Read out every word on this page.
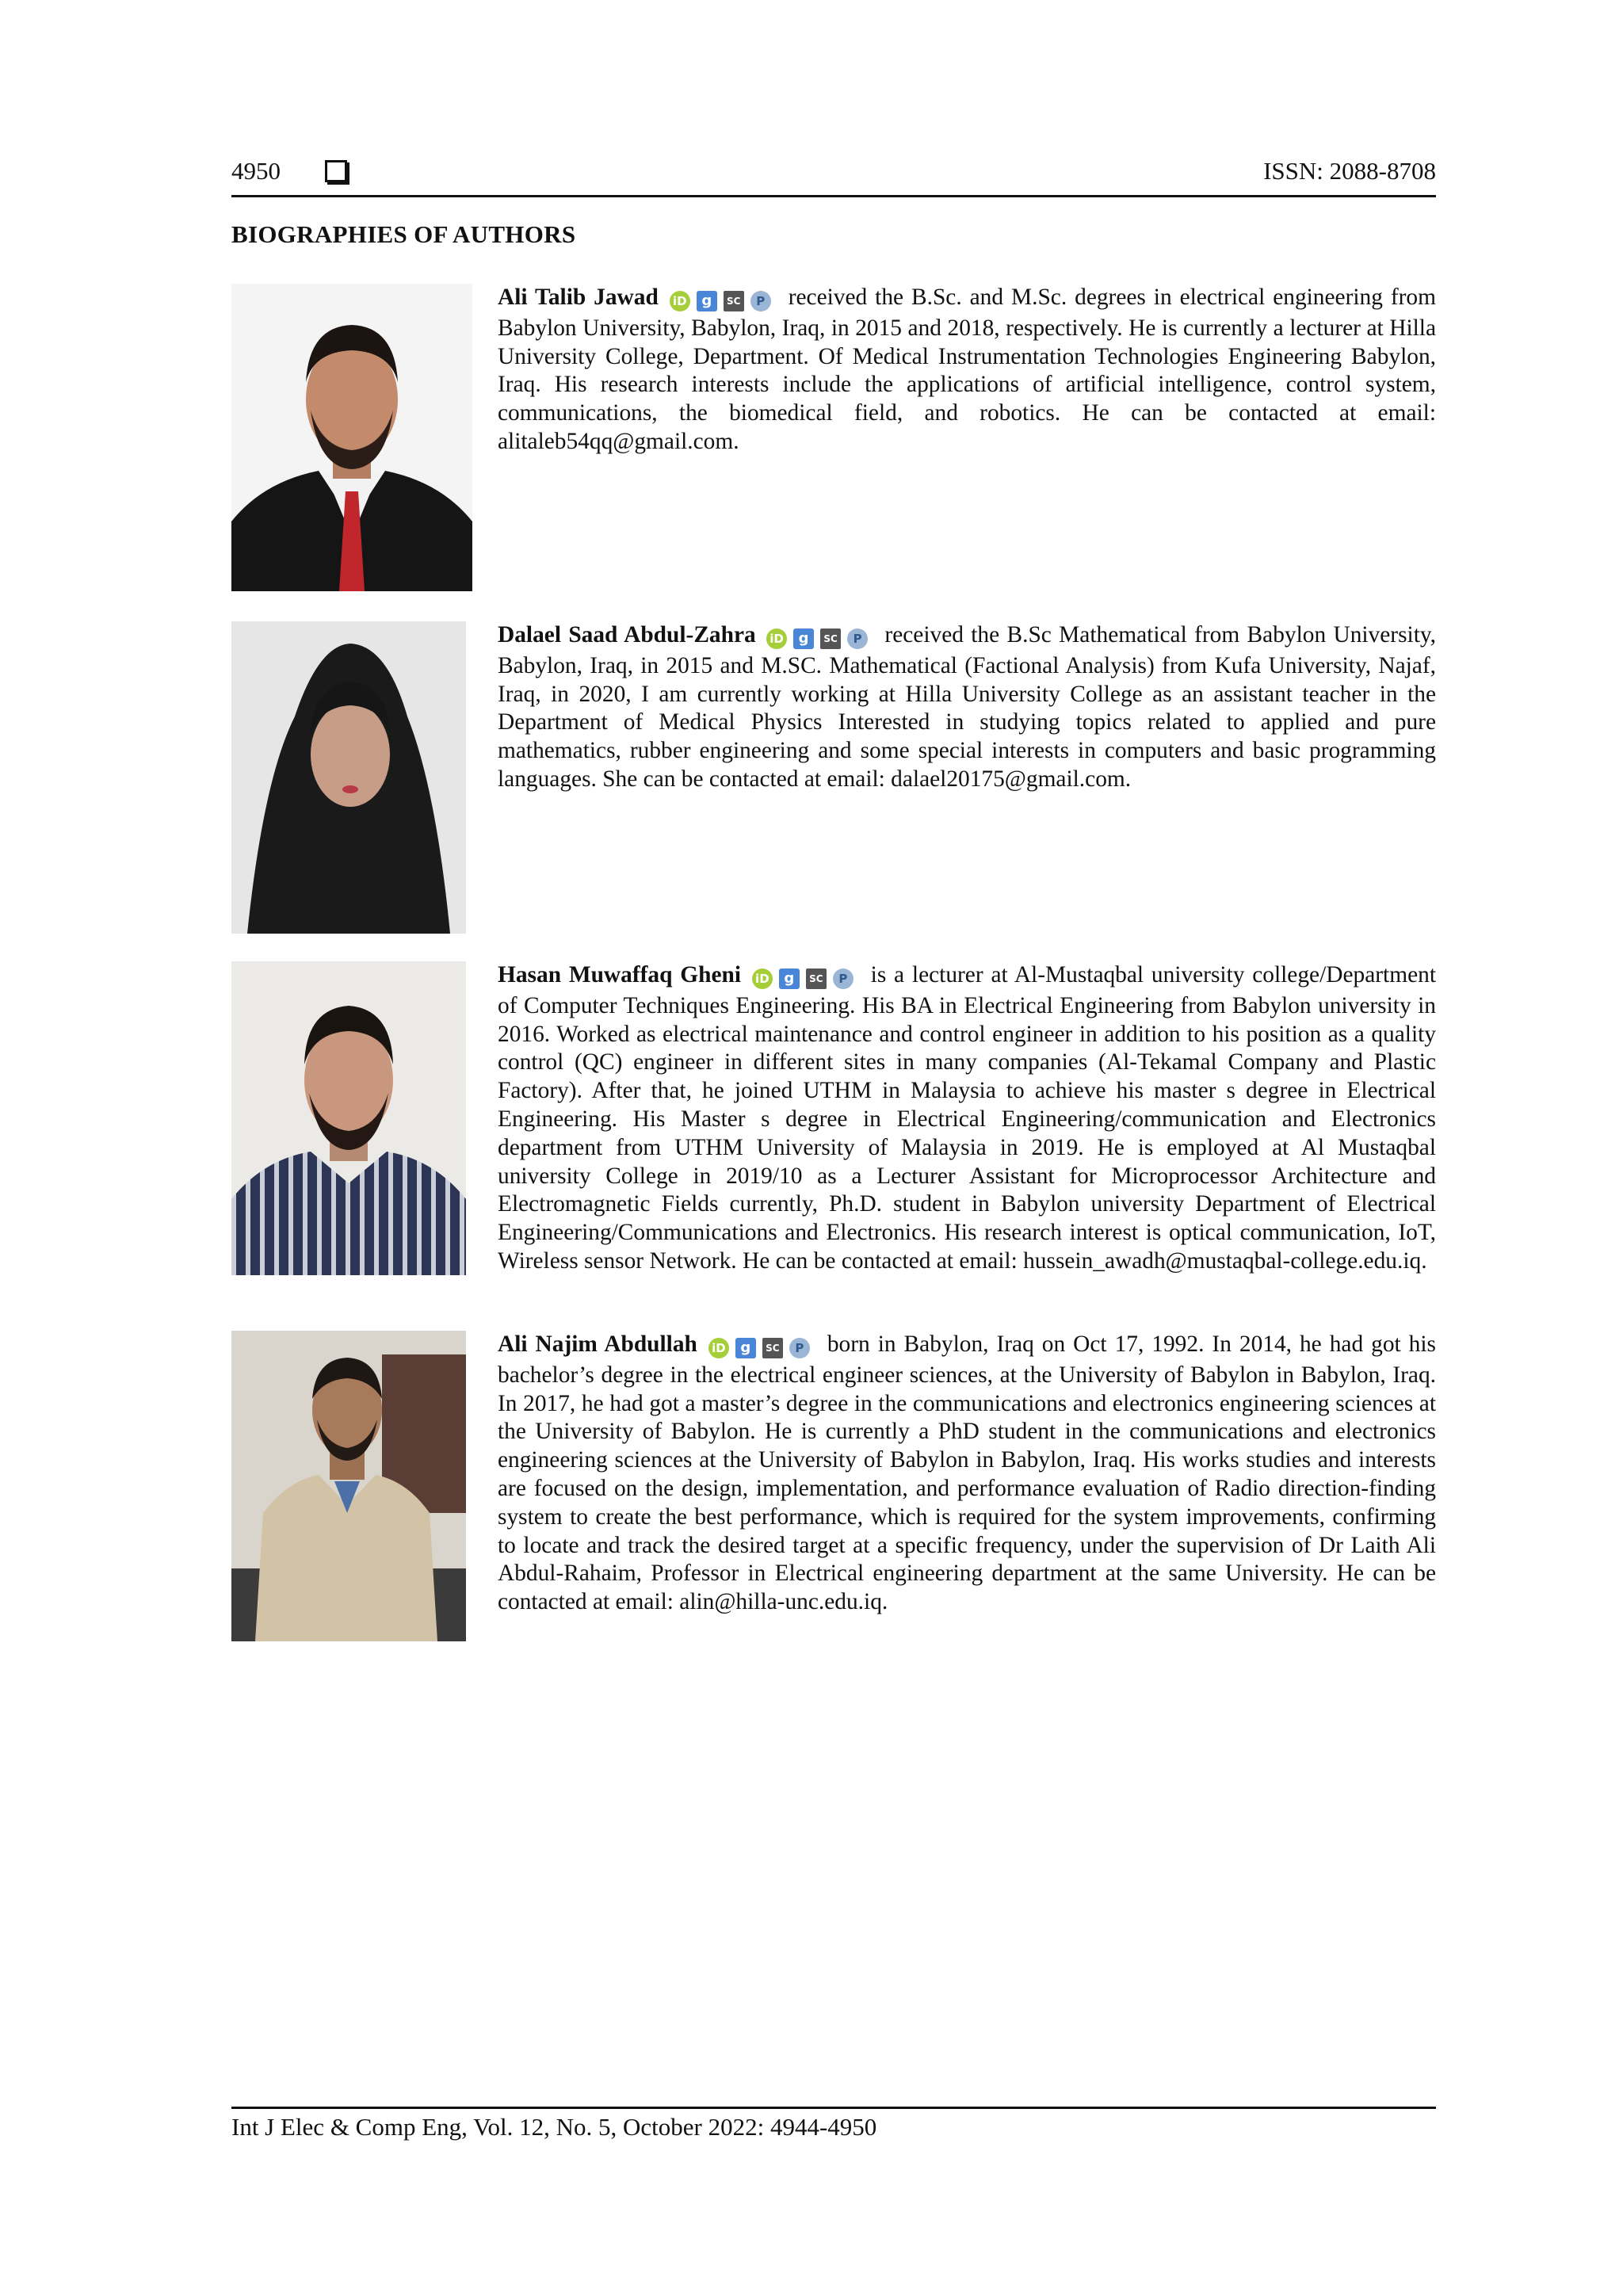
4950	ISSN: 2088-8708
BIOGRAPHIES OF AUTHORS
Ali Talib Jawad iD g SC P received the B.Sc. and M.Sc. degrees in electrical engineering from Babylon University, Babylon, Iraq, in 2015 and 2018, respectively. He is currently a lecturer at Hilla University College, Department. Of Medical Instrumentation Technologies Engineering Babylon, Iraq. His research interests include the applications of artificial intelligence, control system, communications, the biomedical field, and robotics. He can be contacted at email: alitaleb54qq@gmail.com.
Dalael Saad Abdul-Zahra iD g SC P received the B.Sc Mathematical from Babylon University, Babylon, Iraq, in 2015 and M.SC. Mathematical (Factional Analysis) from Kufa University, Najaf, Iraq, in 2020, I am currently working at Hilla University College as an assistant teacher in the Department of Medical Physics Interested in studying topics related to applied and pure mathematics, rubber engineering and some special interests in computers and basic programming languages. She can be contacted at email: dalael20175@gmail.com.
Hasan Muwaffaq Gheni iD g SC P is a lecturer at Al-Mustaqbal university college/Department of Computer Techniques Engineering. His BA in Electrical Engineering from Babylon university in 2016. Worked as electrical maintenance and control engineer in addition to his position as a quality control (QC) engineer in different sites in many companies (Al-Tekamal Company and Plastic Factory). After that, he joined UTHM in Malaysia to achieve his master s degree in Electrical Engineering. His Master s degree in Electrical Engineering/communication and Electronics department from UTHM University of Malaysia in 2019. He is employed at Al Mustaqbal university College in 2019/10 as a Lecturer Assistant for Microprocessor Architecture and Electromagnetic Fields currently, Ph.D. student in Babylon university Department of Electrical Engineering/Communications and Electronics. His research interest is optical communication, IoT, Wireless sensor Network. He can be contacted at email: hussein_awadh@mustaqbal-college.edu.iq.
Ali Najim Abdullah iD g SC P born in Babylon, Iraq on Oct 17, 1992. In 2014, he had got his bachelor’s degree in the electrical engineer sciences, at the University of Babylon in Babylon, Iraq. In 2017, he had got a master’s degree in the communications and electronics engineering sciences at the University of Babylon. He is currently a PhD student in the communications and electronics engineering sciences at the University of Babylon in Babylon, Iraq. His works studies and interests are focused on the design, implementation, and performance evaluation of Radio direction-finding system to create the best performance, which is required for the system improvements, confirming to locate and track the desired target at a specific frequency, under the supervision of Dr Laith Ali Abdul-Rahaim, Professor in Electrical engineering department at the same University. He can be contacted at email: alin@hilla-unc.edu.iq.
Int J Elec & Comp Eng, Vol. 12, No. 5, October 2022: 4944-4950
